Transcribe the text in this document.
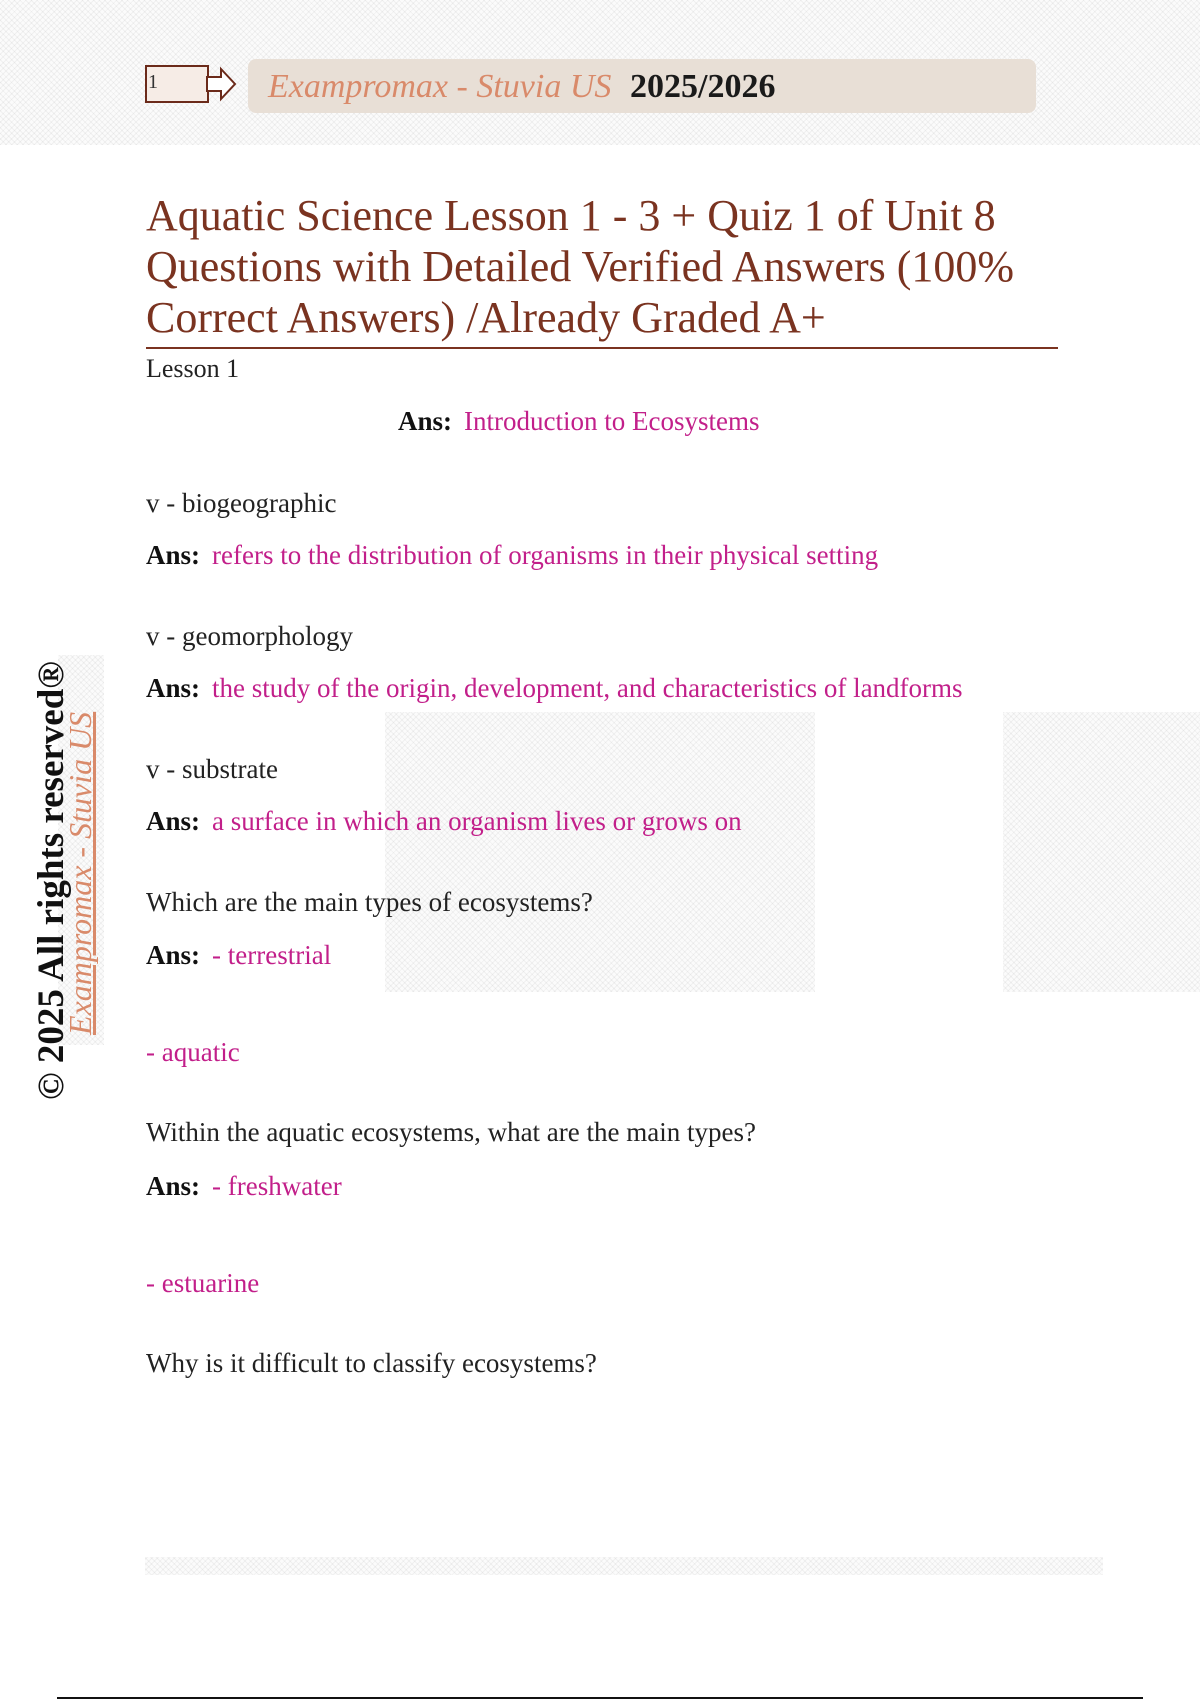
1	Exampromax - Stuvia US 2025/2026
Aquatic Science Lesson 1 - 3 + Quiz 1 of Unit 8 Questions with Detailed Verified Answers (100% Correct Answers) /Already Graded A+
Lesson 1
Ans: Introduction to Ecosystems
v - biogeographic
Ans: refers to the distribution of organisms in their physical setting
v - geomorphology
Ans: the study of the origin, development, and characteristics of landforms
v - substrate
Ans: a surface in which an organism lives or grows on
Which are the main types of ecosystems?
Ans: - terrestrial
- aquatic
Within the aquatic ecosystems, what are the main types?
Ans: - freshwater
- estuarine
Why is it difficult to classify ecosystems?
© 2025 All rights reserved®
Exampromax - Stuvia US
